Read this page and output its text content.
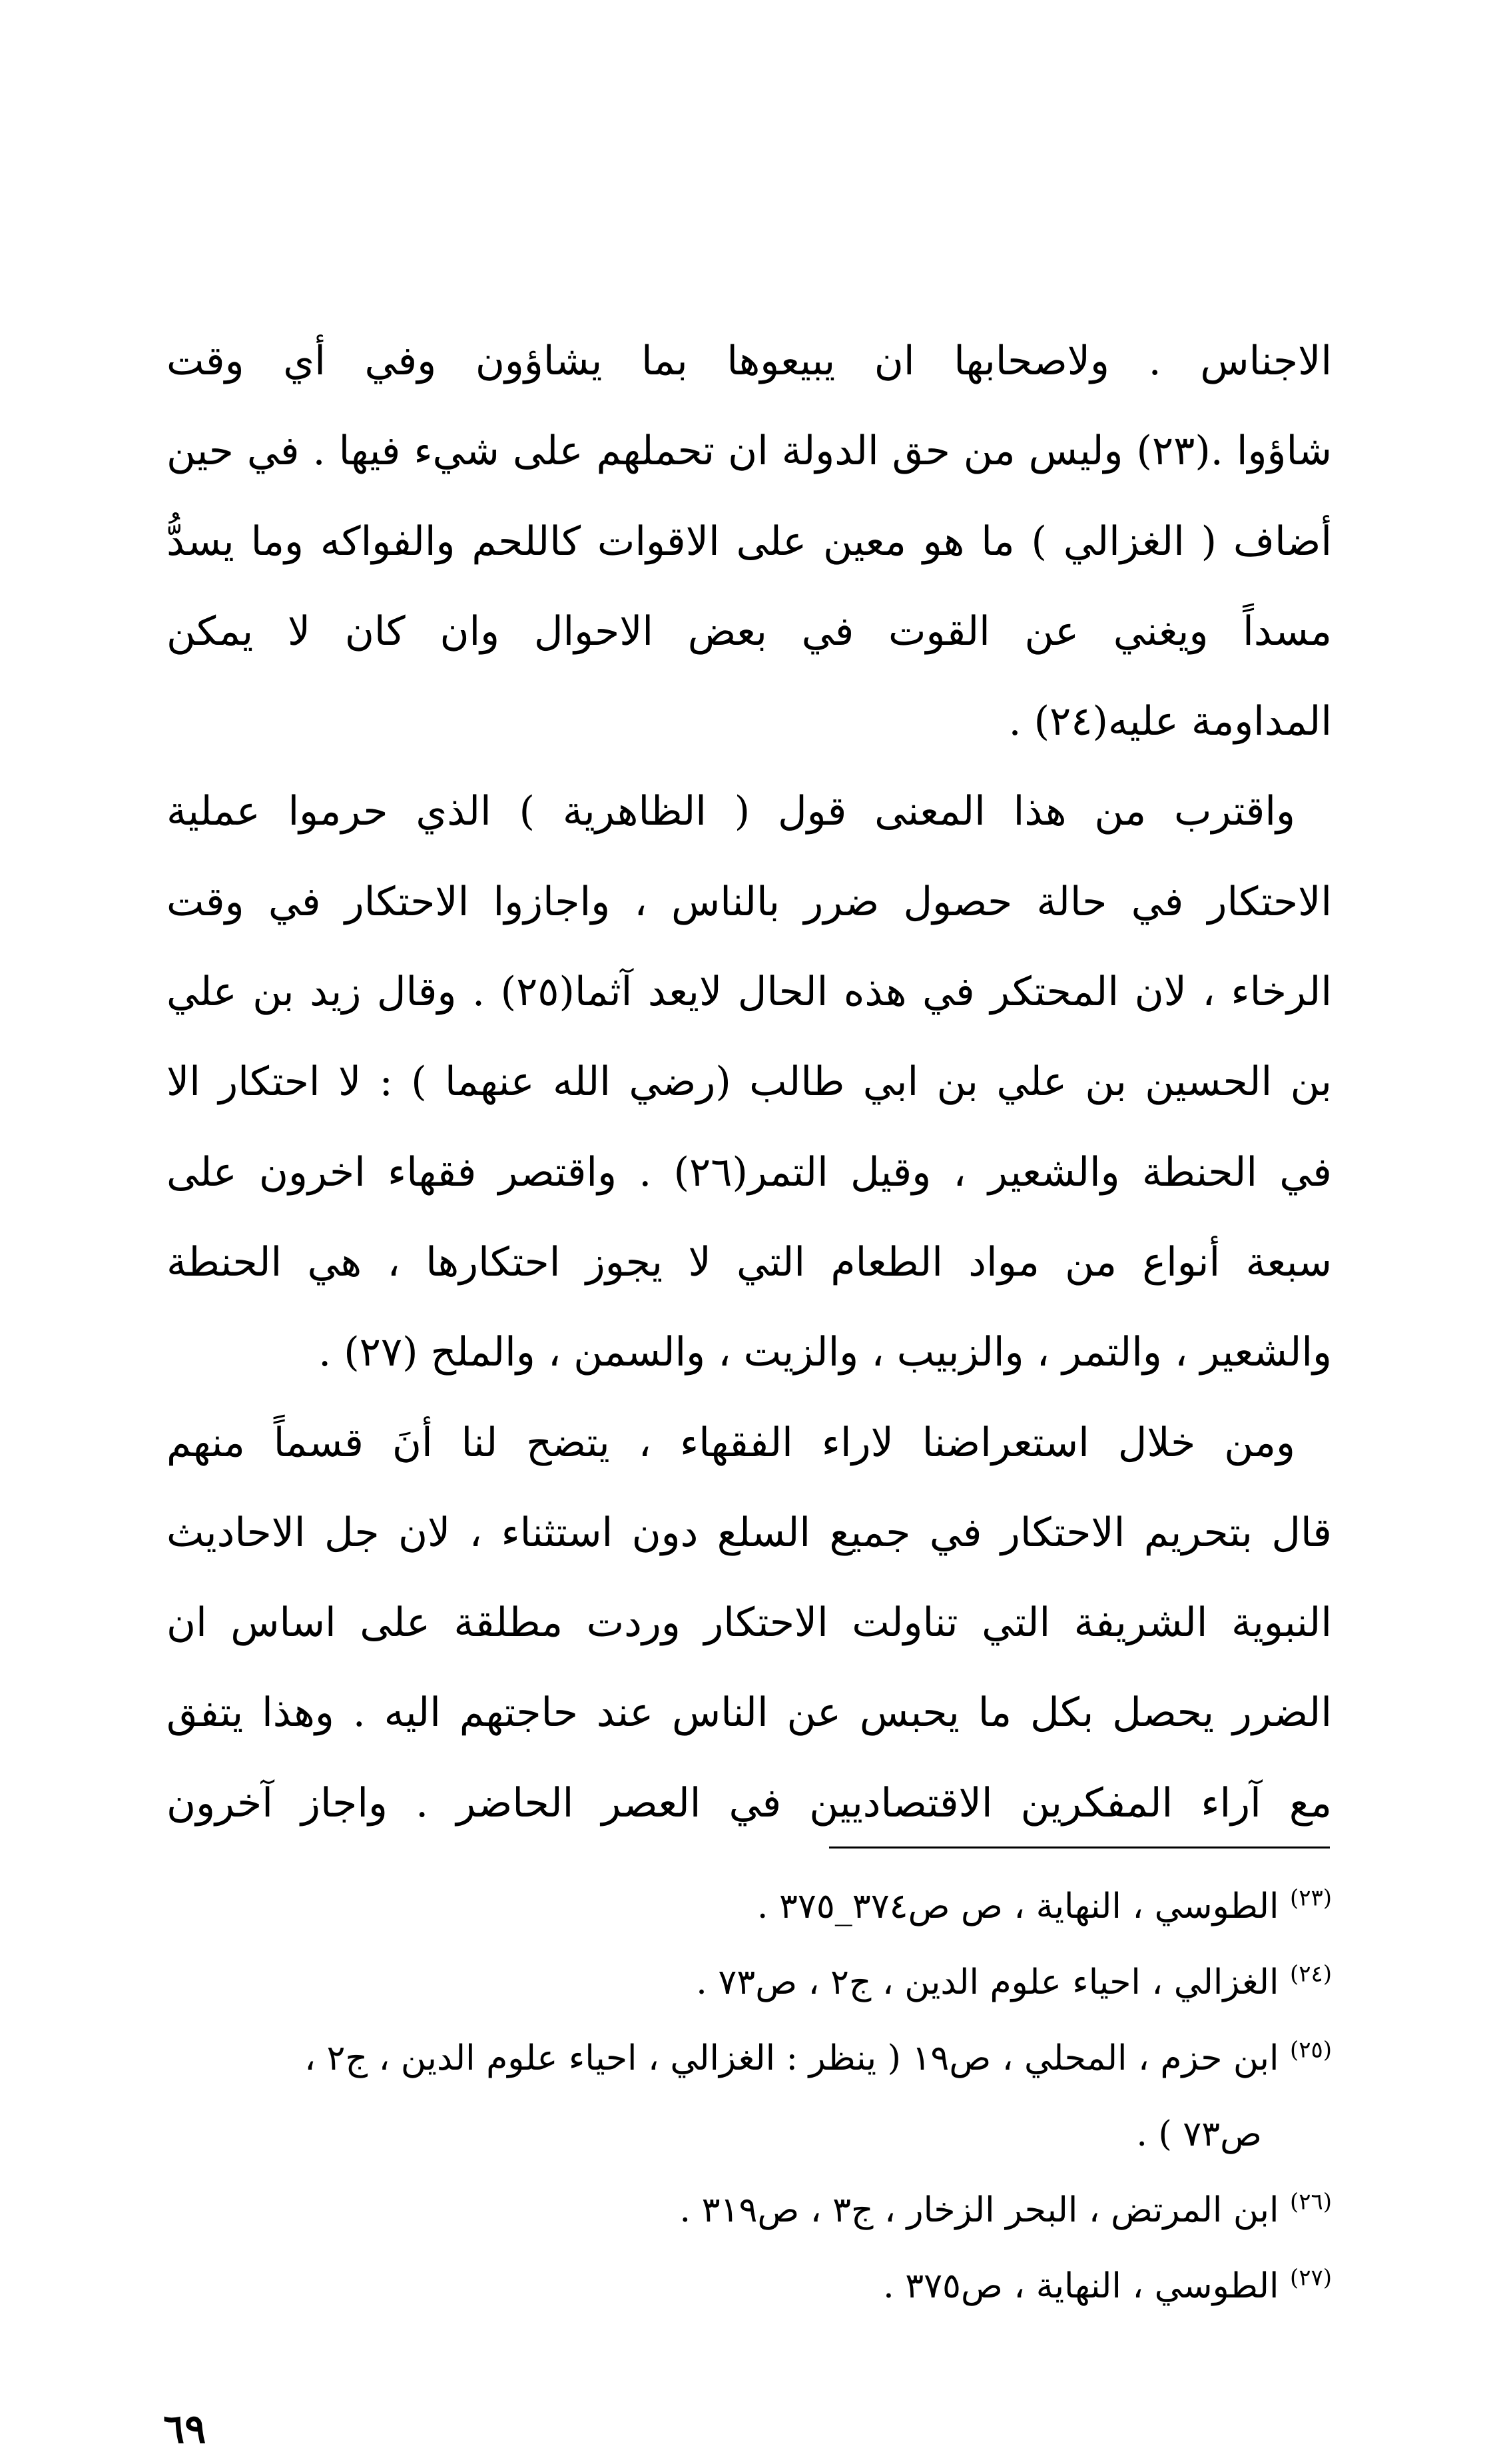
الاجناس . ولاصحابها ان يبيعوها بما يشاؤون وفي أي وقت
شاؤوا .(٢٣) وليس من حق الدولة ان تحملهم على شيء فيها . في حين
أضاف ( الغزالي ) ما هو معين على الاقوات كاللحم والفواكه وما يسدُّ
مسداً ويغني عن القوت في بعض الاحوال وان كان لا يمكن
المداومة عليه(٢٤) .
واقترب من هذا المعنى قول ( الظاهرية ) الذي حرموا عملية
الاحتكار في حالة حصول ضرر بالناس ، واجازوا الاحتكار في وقت
الرخاء ، لان المحتكر في هذه الحال لايعد آثما(٢٥) . وقال زيد بن علي
بن الحسين بن علي بن ابي طالب (رضي الله عنهما ) : لا احتكار الا
في الحنطة والشعير ، وقيل التمر(٢٦) . واقتصر فقهاء اخرون على
سبعة أنواع من مواد الطعام التي لا يجوز احتكارها ، هي الحنطة
والشعير ، والتمر ، والزبيب ، والزيت ، والسمن ، والملح (٢٧) .
ومن خلال استعراضنا لاراء الفقهاء ، يتضح لنا أنَ قسماً منهم
قال بتحريم الاحتكار في جميع السلع دون استثناء ، لان جل الاحاديث
النبوية الشريفة التي تناولت الاحتكار وردت مطلقة على اساس ان
الضرر يحصل بكل ما يحبس عن الناس عند حاجتهم اليه . وهذا يتفق
مع آراء المفكرين الاقتصاديين في العصر الحاضر . واجاز آخرون
$^{(٢٣)}$ الطوسي ، النهاية ، ص ص٣٧٤_٣٧٥ .
$^{(٢٤)}$ الغزالي ، احياء علوم الدين ، ج٢ ، ص٧٣ .
$^{(٢٥)}$ ابن حزم ، المحلي ، ص١٩ ( ينظر : الغزالي ، احياء علوم الدين ، ج٢ ،
ص٧٣ ) .
$^{(٢٦)}$ ابن المرتض ، البحر الزخار ، ج٣ ، ص٣١٩ .
$^{(٢٧)}$ الطوسي ، النهاية ، ص٣٧٥ .
٦٩
